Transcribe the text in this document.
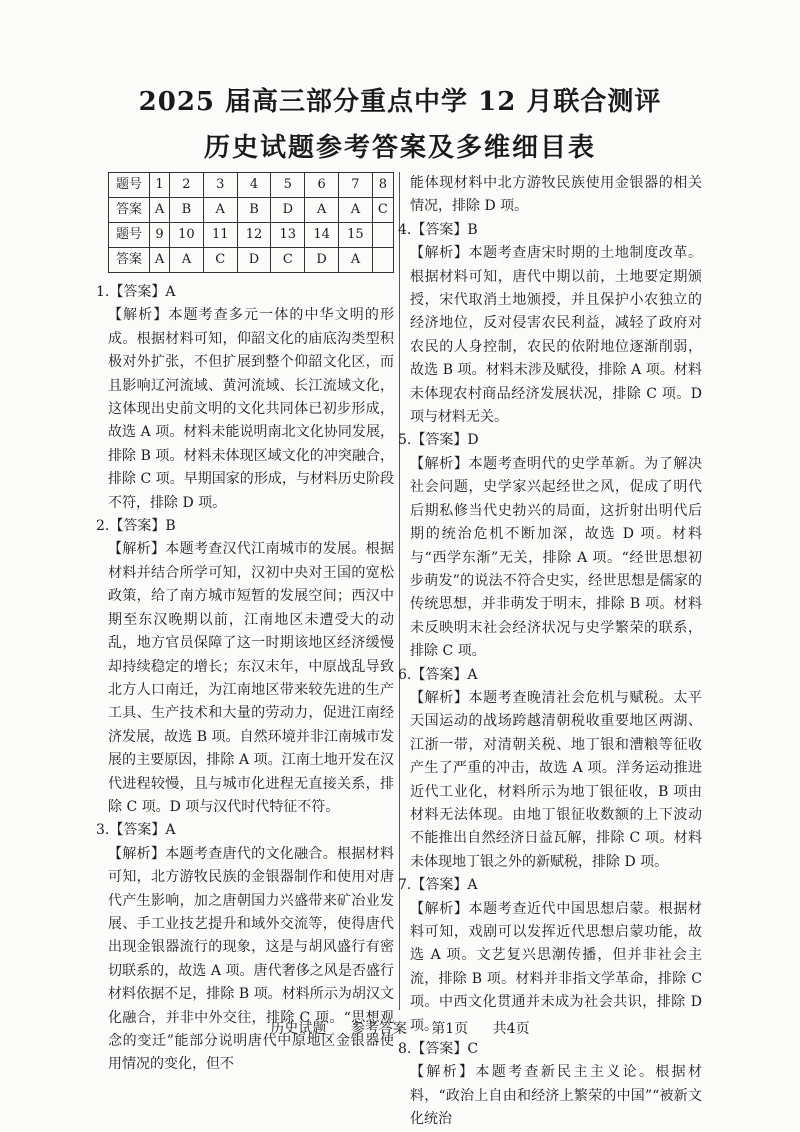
2025 届高三部分重点中学 12 月联合测评
历史试题参考答案及多维细目表
题号	1	2	3	4	5	6	7	8
答案	A	B	A	B	D	A	A	C
题号	9	10	11	12	13	14	15	
答案	A	A	C	D	C	D	A	
1.【答案】A

【解析】本题考查多元一体的中华文明的形成。根据材料可知，仰韶文化的庙底沟类型积极对外扩张，不但扩展到整个仰韶文化区，而且影响辽河流域、黄河流域、长江流域文化，这体现出史前文明的文化共同体已初步形成，故选 A 项。材料未能说明南北文化协同发展，排除 B 项。材料未体现区域文化的冲突融合，排除 C 项。早期国家的形成，与材料历史阶段不符，排除 D 项。

2.【答案】B

【解析】本题考查汉代江南城市的发展。根据材料并结合所学可知，汉初中央对王国的宽松政策，给了南方城市短暂的发展空间；西汉中期至东汉晚期以前，江南地区未遭受大的动乱，地方官员保障了这一时期该地区经济缓慢却持续稳定的增长；东汉末年，中原战乱导致北方人口南迁，为江南地区带来较先进的生产工具、生产技术和大量的劳动力，促进江南经济发展，故选 B 项。自然环境并非江南城市发展的主要原因，排除 A 项。江南土地开发在汉代进程较慢，且与城市化进程无直接关系，排除 C 项。D 项与汉代时代特征不符。

3.【答案】A

【解析】本题考查唐代的文化融合。根据材料可知，北方游牧民族的金银器制作和使用对唐代产生影响，加之唐朝国力兴盛带来矿冶业发展、手工业技艺提升和域外交流等，使得唐代出现金银器流行的现象，这是与胡风盛行有密切联系的，故选 A 项。唐代奢侈之风是否盛行材料依据不足，排除 B 项。材料所示为胡汉文化融合，并非中外交往，排除 C 项。“思想观念的变迁”能部分说明唐代中原地区金银器使用情况的变化，但不

能体现材料中北方游牧民族使用金银器的相关情况，排除 D 项。

4.【答案】B

【解析】本题考查唐宋时期的土地制度改革。根据材料可知，唐代中期以前，土地要定期颁授，宋代取消土地颁授，并且保护小农独立的经济地位，反对侵害农民利益，减轻了政府对农民的人身控制，农民的依附地位逐渐削弱，故选 B 项。材料未涉及赋役，排除 A 项。材料未体现农村商品经济发展状况，排除 C 项。D 项与材料无关。

5.【答案】D

【解析】本题考查明代的史学革新。为了解决社会问题，史学家兴起经世之风，促成了明代后期私修当代史勃兴的局面，这折射出明代后期的统治危机不断加深，故选 D 项。材料与“西学东渐”无关，排除 A 项。“经世思想初步萌发”的说法不符合史实，经世思想是儒家的传统思想，并非萌发于明末，排除 B 项。材料未反映明末社会经济状况与史学繁荣的联系，排除 C 项。

6.【答案】A

【解析】本题考查晚清社会危机与赋税。太平天国运动的战场跨越清朝税收重要地区两湖、江浙一带，对清朝关税、地丁银和漕粮等征收产生了严重的冲击，故选 A 项。洋务运动推进近代工业化，材料所示为地丁银征收，B 项由材料无法体现。由地丁银征收数额的上下波动不能推出自然经济日益瓦解，排除 C 项。材料未体现地丁银之外的新赋税，排除 D 项。

7.【答案】A

【解析】本题考查近代中国思想启蒙。根据材料可知，戏剧可以发挥近代思想启蒙功能，故选 A 项。文艺复兴思潮传播，但并非社会主流，排除 B 项。材料并非指文学革命，排除 C 项。中西文化贯通并未成为社会共识，排除 D 项。

8.【答案】C

【解析】本题考查新民主主义论。根据材料，“政治上自由和经济上繁荣的中国”“被新文化统治

历史试题 参考答案 第1页 共4页
